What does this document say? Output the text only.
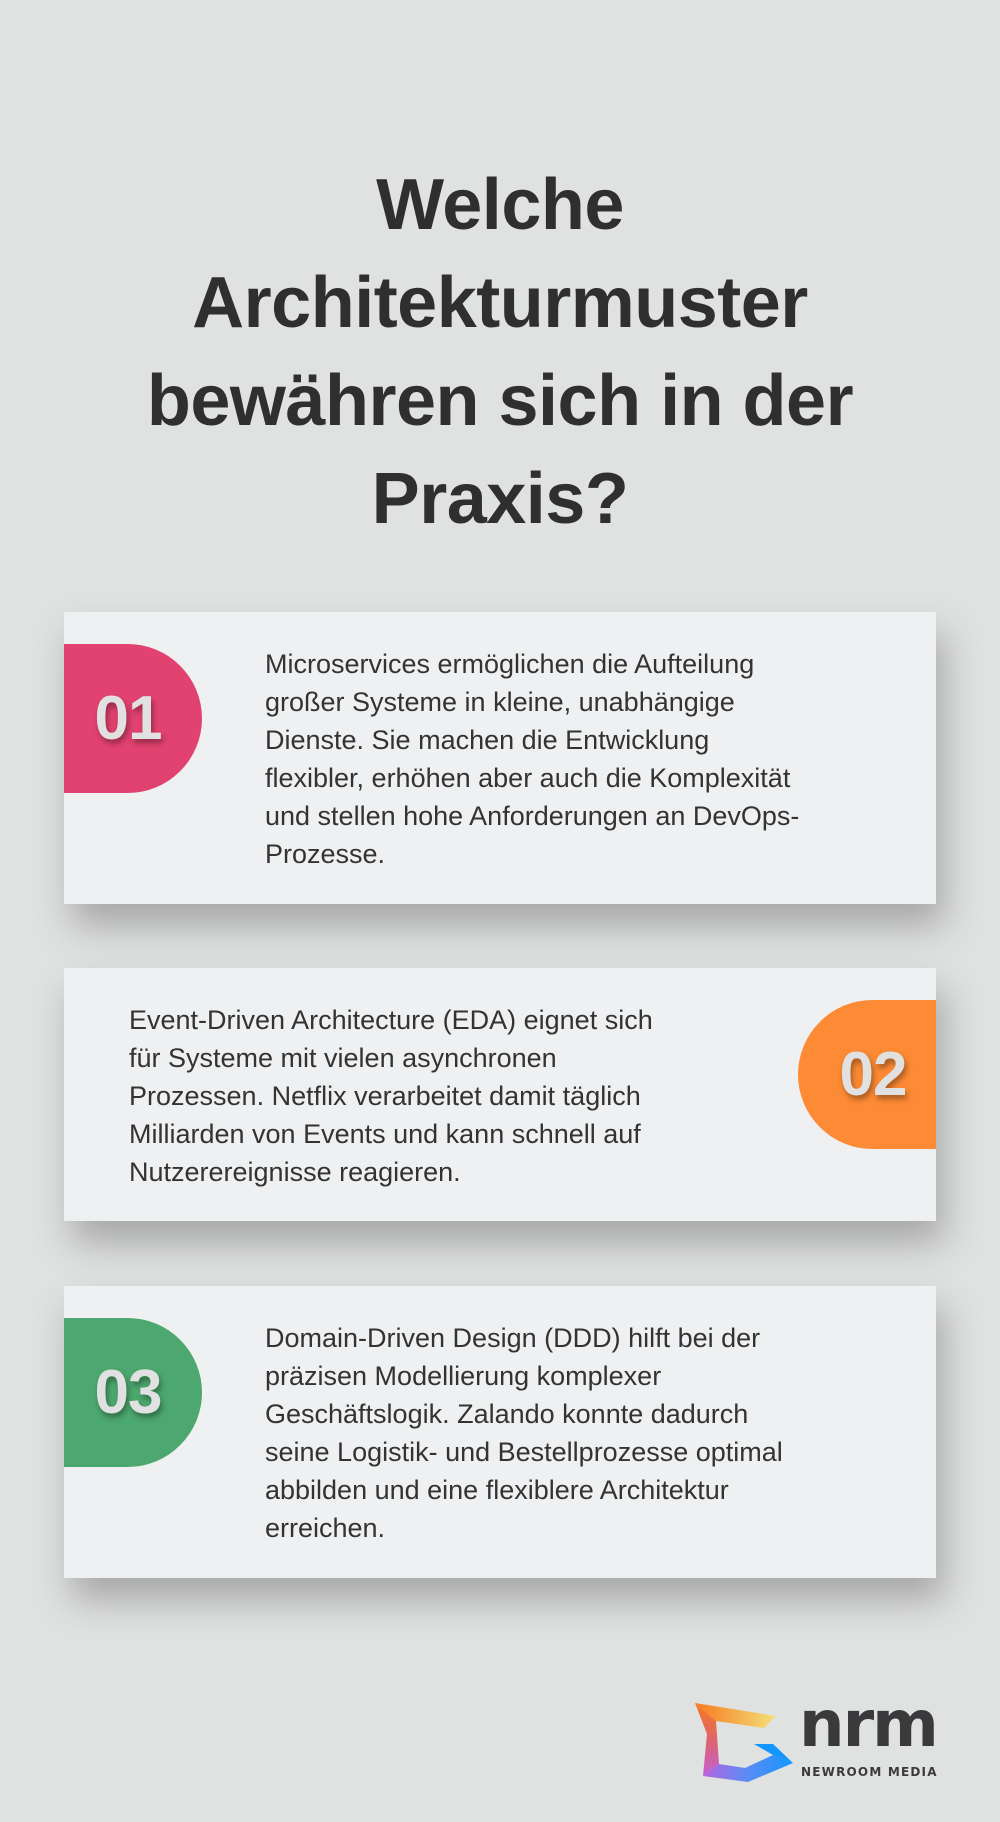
Welche
Architekturmuster
bewähren sich in der
Praxis?
01
Microservices ermöglichen die Aufteilung
großer Systeme in kleine, unabhängige
Dienste. Sie machen die Entwicklung
flexibler, erhöhen aber auch die Komplexität
und stellen hohe Anforderungen an DevOps-
Prozesse.
Event-Driven Architecture (EDA) eignet sich
für Systeme mit vielen asynchronen
Prozessen. Netflix verarbeitet damit täglich
Milliarden von Events und kann schnell auf
Nutzerereignisse reagieren.
02
03
Domain-Driven Design (DDD) hilft bei der
präzisen Modellierung komplexer
Geschäftslogik. Zalando konnte dadurch
seine Logistik- und Bestellprozesse optimal
abbilden und eine flexiblere Architektur
erreichen.
nrm
NEWROOM MEDIA
